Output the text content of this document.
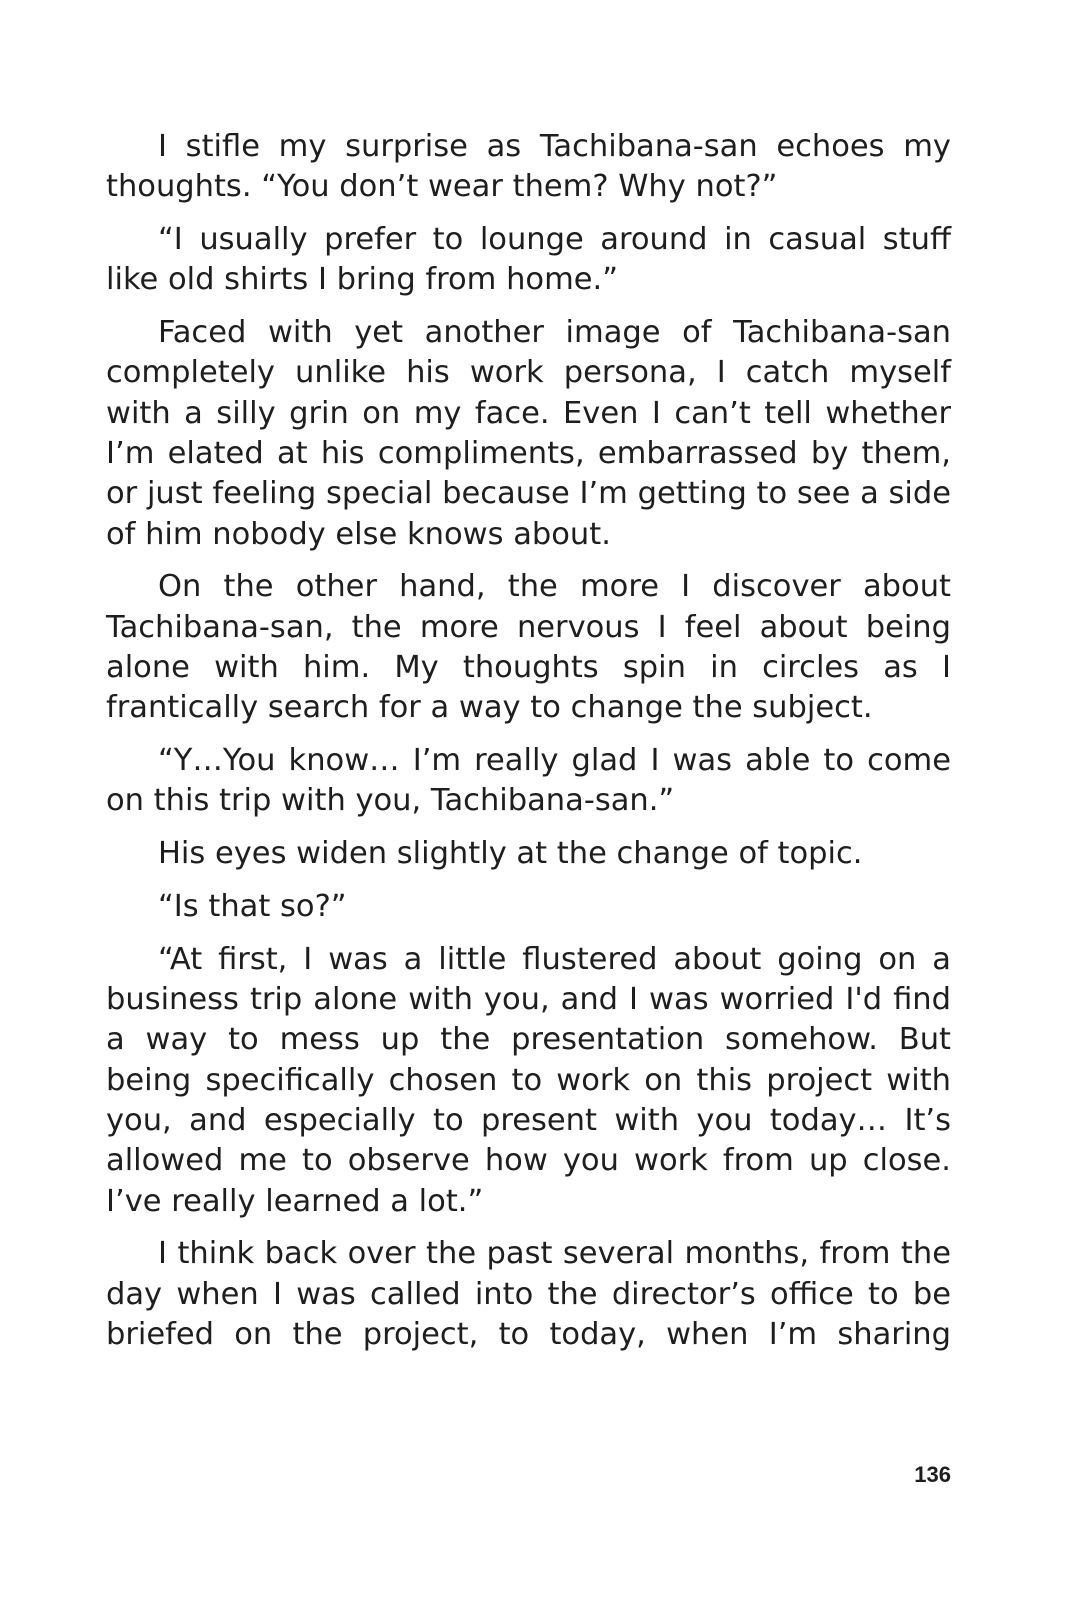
I stifle my surprise as Tachibana-san echoes my thoughts. “You don’t wear them? Why not?”

“I usually prefer to lounge around in casual stuff like old shirts I bring from home.”

Faced with yet another image of Tachibana-san completely unlike his work persona, I catch myself with a silly grin on my face. Even I can’t tell whether I’m elated at his compliments, embarrassed by them, or just feeling special because I’m getting to see a side of him nobody else knows about.

On the other hand, the more I discover about Tachibana-san, the more nervous I feel about being alone with him. My thoughts spin in circles as I frantically search for a way to change the subject.

“Y…You know… I’m really glad I was able to come on this trip with you, Tachibana-san.”

His eyes widen slightly at the change of topic.

“Is that so?”

“At first, I was a little flustered about going on a business trip alone with you, and I was worried I'd find a way to mess up the presentation somehow. But being specifically chosen to work on this project with you, and especially to present with you today… It’s allowed me to observe how you work from up close. I’ve really learned a lot.”

I think back over the past several months, from the day when I was called into the director’s office to be briefed on the project, to today, when I’m sharing

136
